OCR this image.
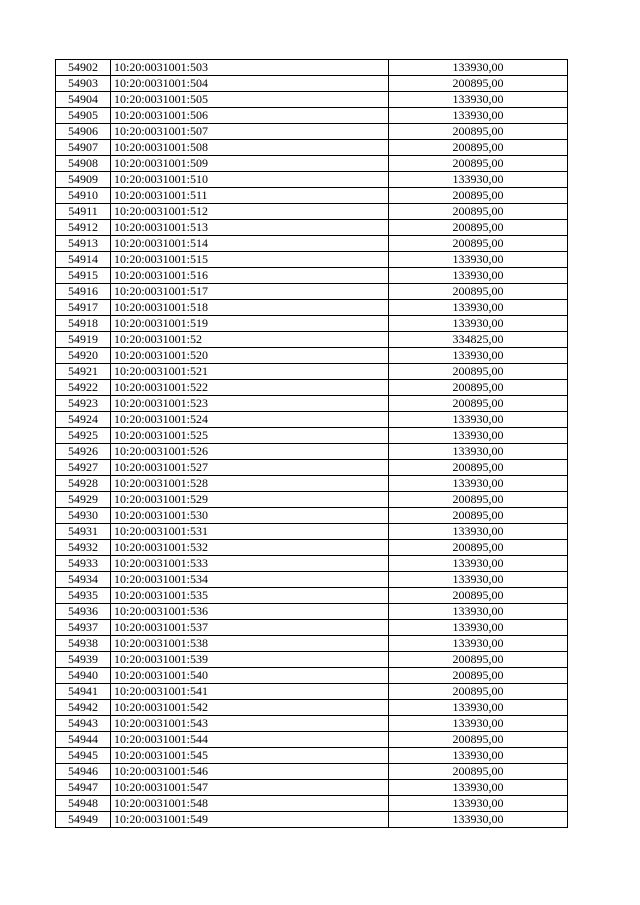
54902	10:20:0031001:503	133930,00
54903	10:20:0031001:504	200895,00
54904	10:20:0031001:505	133930,00
54905	10:20:0031001:506	133930,00
54906	10:20:0031001:507	200895,00
54907	10:20:0031001:508	200895,00
54908	10:20:0031001:509	200895,00
54909	10:20:0031001:510	133930,00
54910	10:20:0031001:511	200895,00
54911	10:20:0031001:512	200895,00
54912	10:20:0031001:513	200895,00
54913	10:20:0031001:514	200895,00
54914	10:20:0031001:515	133930,00
54915	10:20:0031001:516	133930,00
54916	10:20:0031001:517	200895,00
54917	10:20:0031001:518	133930,00
54918	10:20:0031001:519	133930,00
54919	10:20:0031001:52	334825,00
54920	10:20:0031001:520	133930,00
54921	10:20:0031001:521	200895,00
54922	10:20:0031001:522	200895,00
54923	10:20:0031001:523	200895,00
54924	10:20:0031001:524	133930,00
54925	10:20:0031001:525	133930,00
54926	10:20:0031001:526	133930,00
54927	10:20:0031001:527	200895,00
54928	10:20:0031001:528	133930,00
54929	10:20:0031001:529	200895,00
54930	10:20:0031001:530	200895,00
54931	10:20:0031001:531	133930,00
54932	10:20:0031001:532	200895,00
54933	10:20:0031001:533	133930,00
54934	10:20:0031001:534	133930,00
54935	10:20:0031001:535	200895,00
54936	10:20:0031001:536	133930,00
54937	10:20:0031001:537	133930,00
54938	10:20:0031001:538	133930,00
54939	10:20:0031001:539	200895,00
54940	10:20:0031001:540	200895,00
54941	10:20:0031001:541	200895,00
54942	10:20:0031001:542	133930,00
54943	10:20:0031001:543	133930,00
54944	10:20:0031001:544	200895,00
54945	10:20:0031001:545	133930,00
54946	10:20:0031001:546	200895,00
54947	10:20:0031001:547	133930,00
54948	10:20:0031001:548	133930,00
54949	10:20:0031001:549	133930,00
